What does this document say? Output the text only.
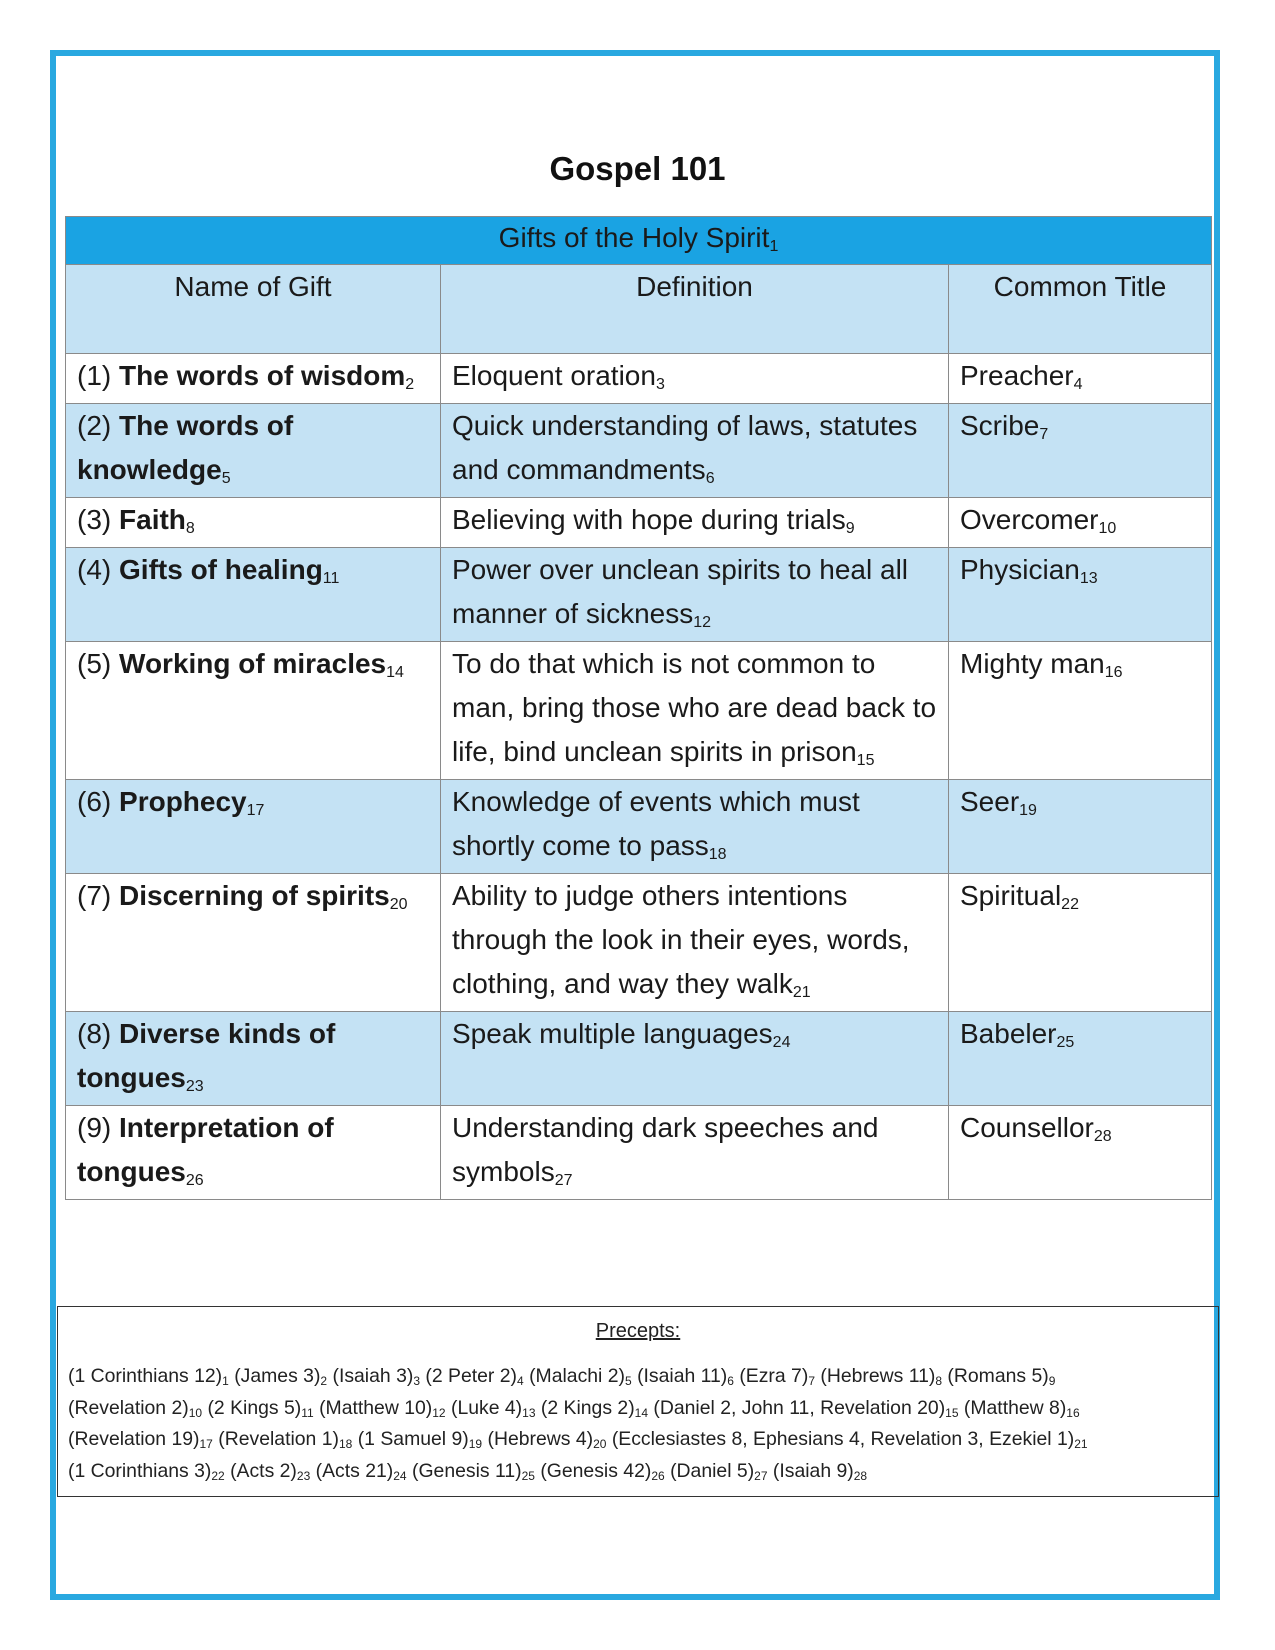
Gospel 101
Gifts of the Holy Spirit$_1$
Name of Gift	Definition	Common Title
(1) The words of wisdom$_2$	Eloquent oration$_3$	Preacher$_4$
(2) The words of knowledge$_5$	Quick understanding of laws, statutes and commandments$_6$	Scribe$_7$
(3) Faith$_8$	Believing with hope during trials$_9$	Overcomer$_{10}$
(4) Gifts of healing$_{11}$	Power over unclean spirits to heal all manner of sickness$_{12}$	Physician$_{13}$
(5) Working of miracles$_{14}$	To do that which is not common to man, bring those who are dead back to life, bind unclean spirits in prison$_{15}$	Mighty man$_{16}$
(6) Prophecy$_{17}$	Knowledge of events which must shortly come to pass$_{18}$	Seer$_{19}$
(7) Discerning of spirits$_{20}$	Ability to judge others intentions through the look in their eyes, words, clothing, and way they walk$_{21}$	Spiritual$_{22}$
(8) Diverse kinds of tongues$_{23}$	Speak multiple languages$_{24}$	Babeler$_{25}$
(9) Interpretation of tongues$_{26}$	Understanding dark speeches and symbols$_{27}$	Counsellor$_{28}$
Precepts:
(1 Corinthians $12)_1$ (James $3)_2$ (Isaiah $3)_3$ (2 Peter $2)_4$ (Malachi $2)_5$ (Isaiah $11)_6$ (Ezra $7)_7$ (Hebrews $11)_8$ (Romans $5)_9$
(Revelation $2)_{10}$ (2 Kings $5)_{11}$ (Matthew $10)_{12}$ (Luke $4)_{13}$ (2 Kings $2)_{14}$ (Daniel 2, John 11, Revelation $20)_{15}$ (Matthew $8)_{16}$
(Revelation $19)_{17}$ (Revelation $1)_{18}$ (1 Samuel $9)_{19}$ (Hebrews $4)_{20}$ (Ecclesiastes 8, Ephesians 4, Revelation 3, Ezekiel $1)_{21}$
(1 Corinthians $3)_{22}$ (Acts $2)_{23}$ (Acts $21)_{24}$ (Genesis $11)_{25}$ (Genesis $42)_{26}$ (Daniel $5)_{27}$ (Isaiah $9)_{28}$
